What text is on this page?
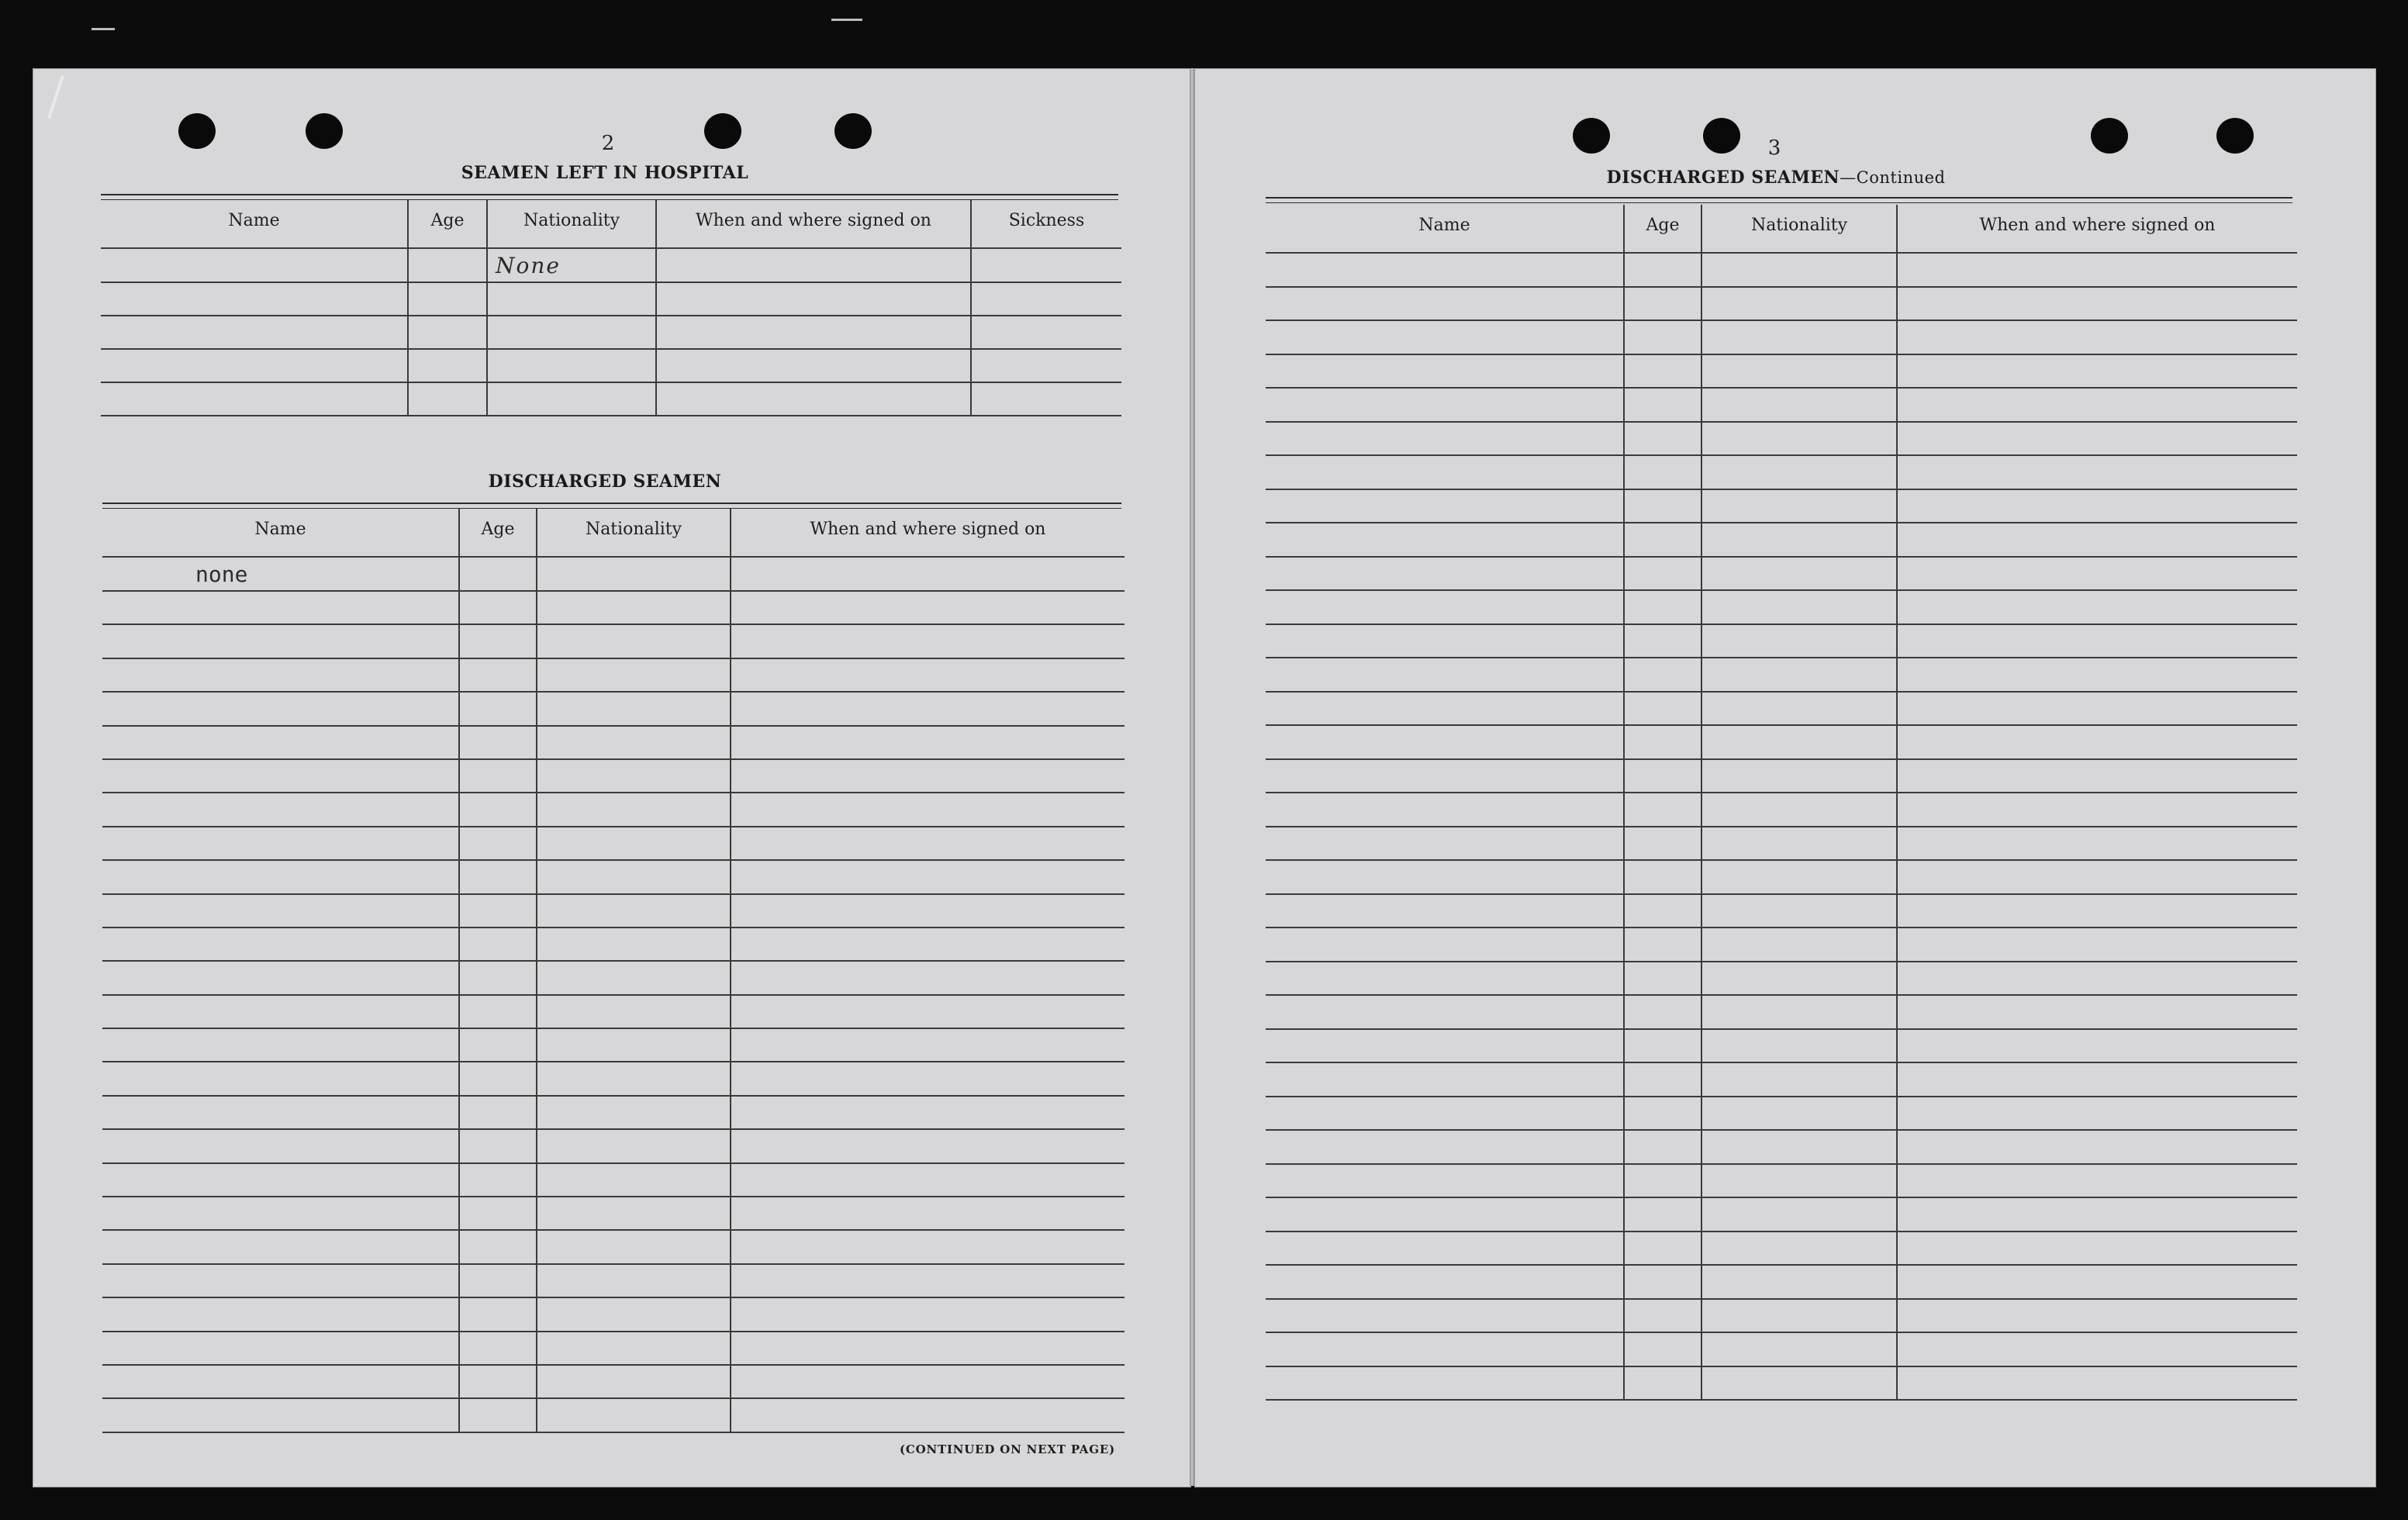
2
SEAMEN LEFT IN HOSPITAL
Name	Age	Nationality	When and where signed on	Sickness
		None		

DISCHARGED SEAMEN
Name	Age	Nationality	When and where signed on
none			

(CONTINUED ON NEXT PAGE)
3
DISCHARGED SEAMEN—Continued
Name	Age	Nationality	When and where signed on
